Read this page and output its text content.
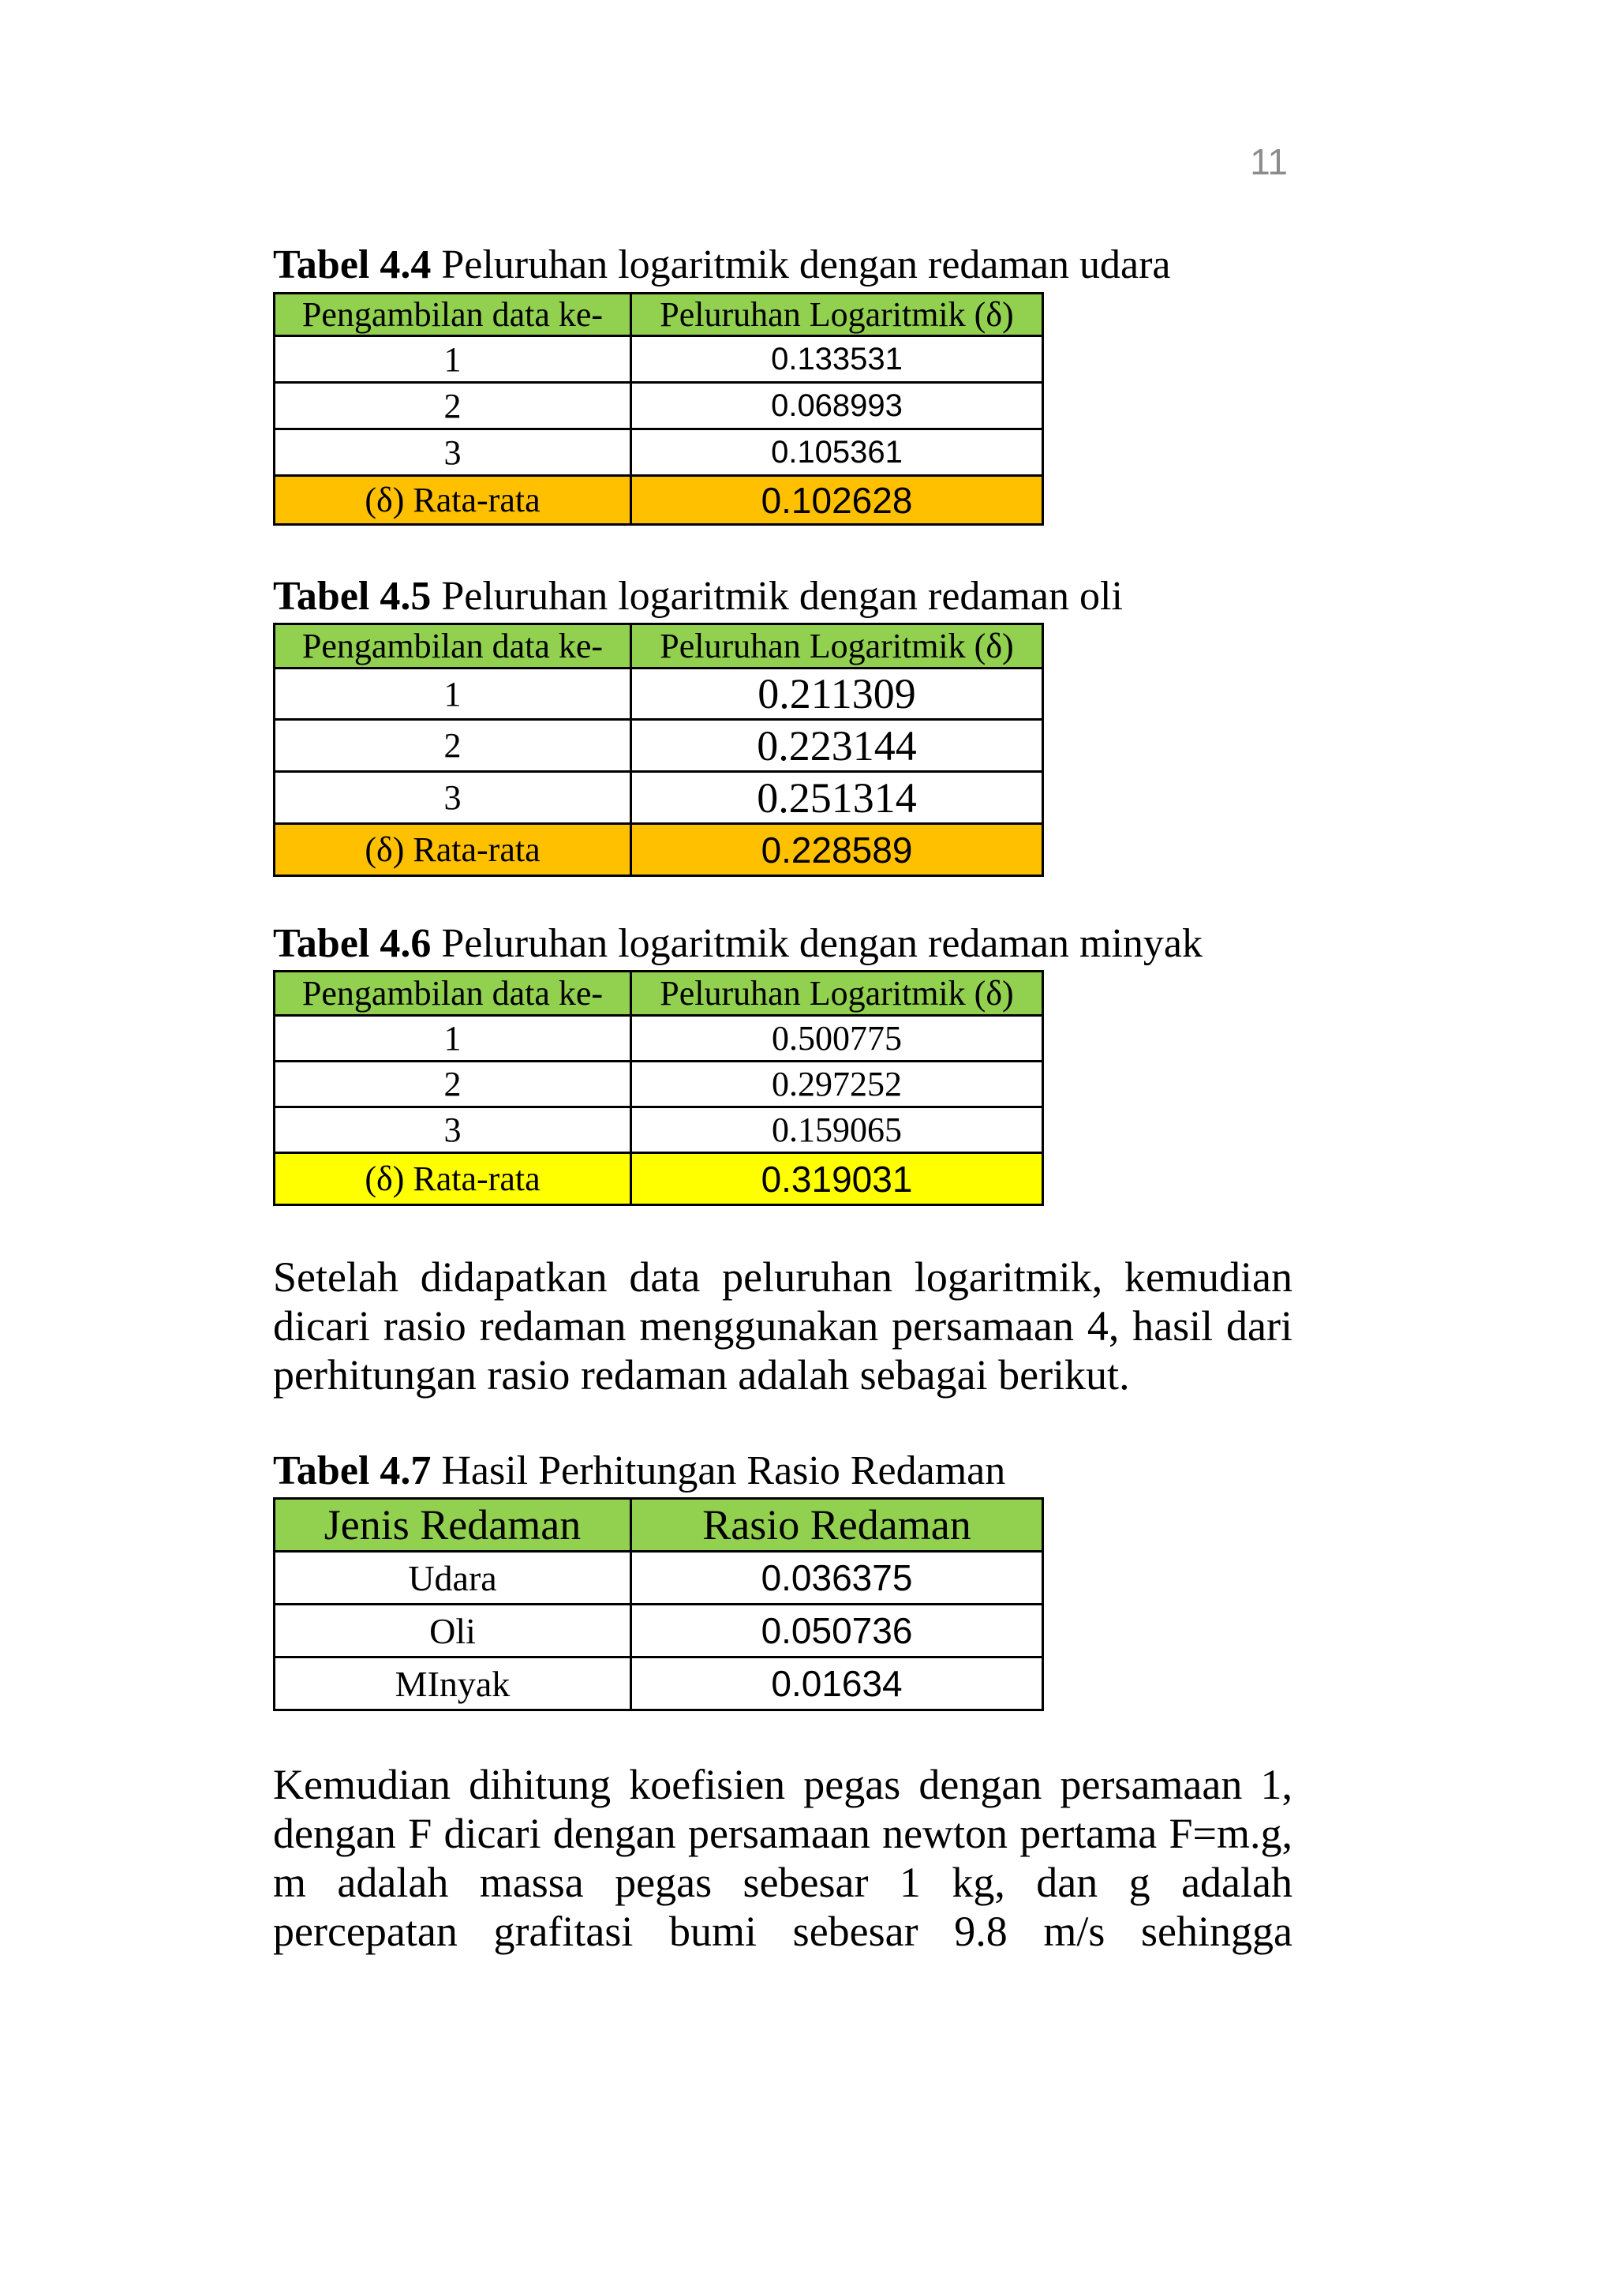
11
Tabel 4.4 Peluruhan logaritmik dengan redaman udara
Pengambilan data ke-	Peluruhan Logaritmik (δ)
1	0.133531
2	0.068993
3	0.105361
(δ) Rata-rata	0.102628
Tabel 4.5 Peluruhan logaritmik dengan redaman oli
Pengambilan data ke-	Peluruhan Logaritmik (δ)
1	0.211309
2	0.223144
3	0.251314
(δ) Rata-rata	0.228589
Tabel 4.6 Peluruhan logaritmik dengan redaman minyak
Pengambilan data ke-	Peluruhan Logaritmik (δ)
1	0.500775
2	0.297252
3	0.159065
(δ) Rata-rata	0.319031
Setelah didapatkan data peluruhan logaritmik, kemudian dicari rasio redaman menggunakan persamaan 4, hasil dari perhitungan rasio redaman adalah sebagai berikut.
Tabel 4.7 Hasil Perhitungan Rasio Redaman
Jenis Redaman	Rasio Redaman
Udara	0.036375
Oli	0.050736
MInyak	0.01634
Kemudian dihitung koefisien pegas dengan persamaan 1, dengan F dicari dengan persamaan newton pertama F=m.g, m adalah massa pegas sebesar 1 kg, dan g adalah percepatan grafitasi bumi sebesar 9.8 m/s sehingga
